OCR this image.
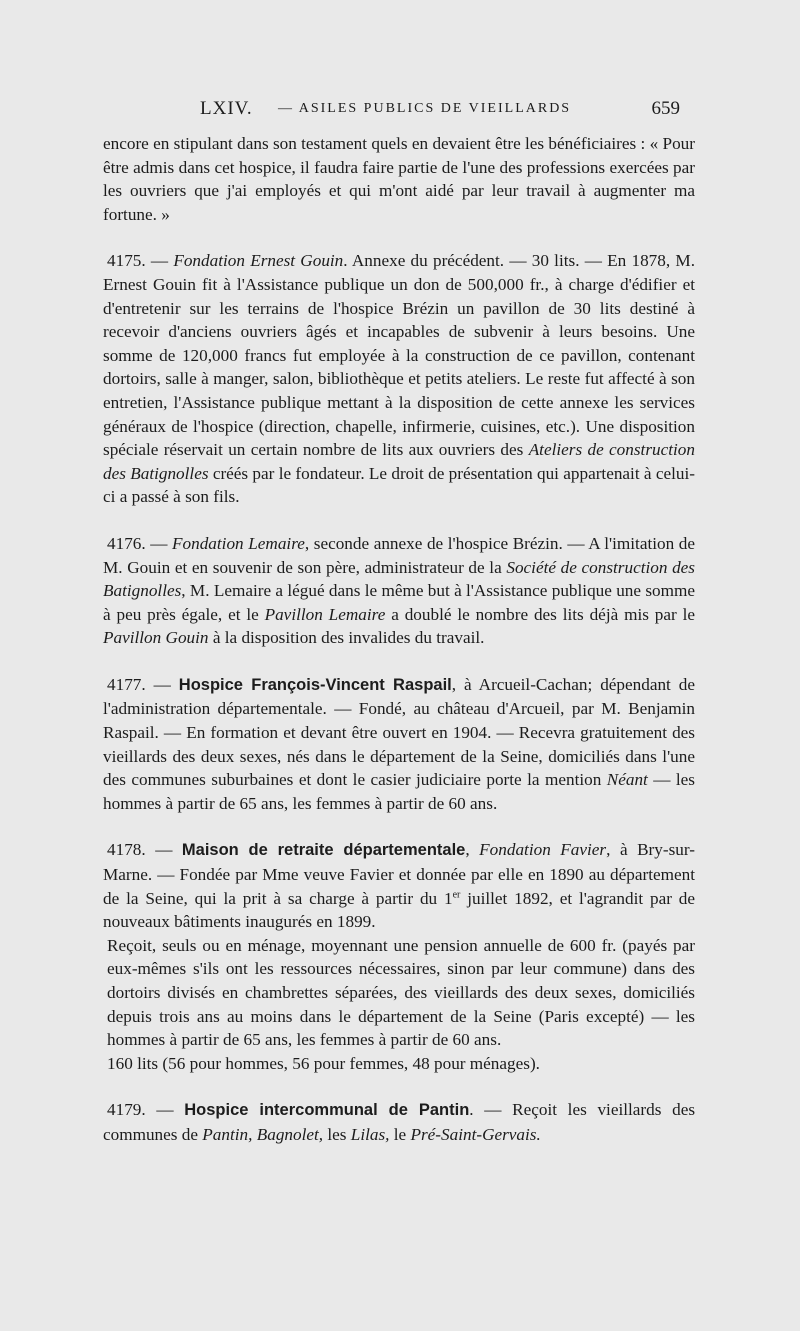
LXIV. — ASILES PUBLICS DE VIEILLARDS	659

encore en stipulant dans son testament quels en devaient être les bénéficiaires : « Pour être admis dans cet hospice, il faudra faire partie de l'une des professions exercées par les ouvriers que j'ai employés et qui m'ont aidé par leur travail à augmenter ma fortune. »

4175. — Fondation Ernest Gouin. Annexe du précédent. — 30 lits. — En 1878, M. Ernest Gouin fit à l'Assistance publique un don de 500,000 fr., à charge d'édifier et d'entretenir sur les terrains de l'hospice Brézin un pavillon de 30 lits destiné à recevoir d'anciens ouvriers âgés et incapables de subvenir à leurs besoins. Une somme de 120,000 francs fut employée à la construction de ce pavillon, contenant dortoirs, salle à manger, salon, bibliothèque et petits ateliers. Le reste fut affecté à son entretien, l'Assistance publique mettant à la disposition de cette annexe les services généraux de l'hospice (direction, chapelle, infirmerie, cuisines, etc.). Une disposition spéciale réservait un certain nombre de lits aux ouvriers des Ateliers de construction des Batignolles créés par le fondateur. Le droit de présentation qui appartenait à celui-ci a passé à son fils.

4176. — Fondation Lemaire, seconde annexe de l'hospice Brézin. — A l'imitation de M. Gouin et en souvenir de son père, administrateur de la Société de construction des Batignolles, M. Lemaire a légué dans le même but à l'Assistance publique une somme à peu près égale, et le Pavillon Lemaire a doublé le nombre des lits déjà mis par le Pavillon Gouin à la disposition des invalides du travail.

4177. — Hospice François-Vincent Raspail, à Arcueil-Cachan; dépendant de l'administration départementale. — Fondé, au château d'Arcueil, par M. Benjamin Raspail. — En formation et devant être ouvert en 1904. — Recevra gratuitement des vieillards des deux sexes, nés dans le département de la Seine, domiciliés dans l'une des communes suburbaines et dont le casier judiciaire porte la mention Néant — les hommes à partir de 65 ans, les femmes à partir de 60 ans.

4178. — Maison de retraite départementale, Fondation Favier, à Bry-sur-Marne. — Fondée par Mme veuve Favier et donnée par elle en 1890 au département de la Seine, qui la prit à sa charge à partir du 1er juillet 1892, et l'agrandit par de nouveaux bâtiments inaugurés en 1899.

Reçoit, seuls ou en ménage, moyennant une pension annuelle de 600 fr. (payés par eux-mêmes s'ils ont les ressources nécessaires, sinon par leur commune) dans des dortoirs divisés en chambrettes séparées, des vieillards des deux sexes, domiciliés depuis trois ans au moins dans le département de la Seine (Paris excepté) — les hommes à partir de 65 ans, les femmes à partir de 60 ans.

160 lits (56 pour hommes, 56 pour femmes, 48 pour ménages).

4179. — Hospice intercommunal de Pantin. — Reçoit les vieillards des communes de Pantin, Bagnolet, les Lilas, le Pré-Saint-Gervais.
